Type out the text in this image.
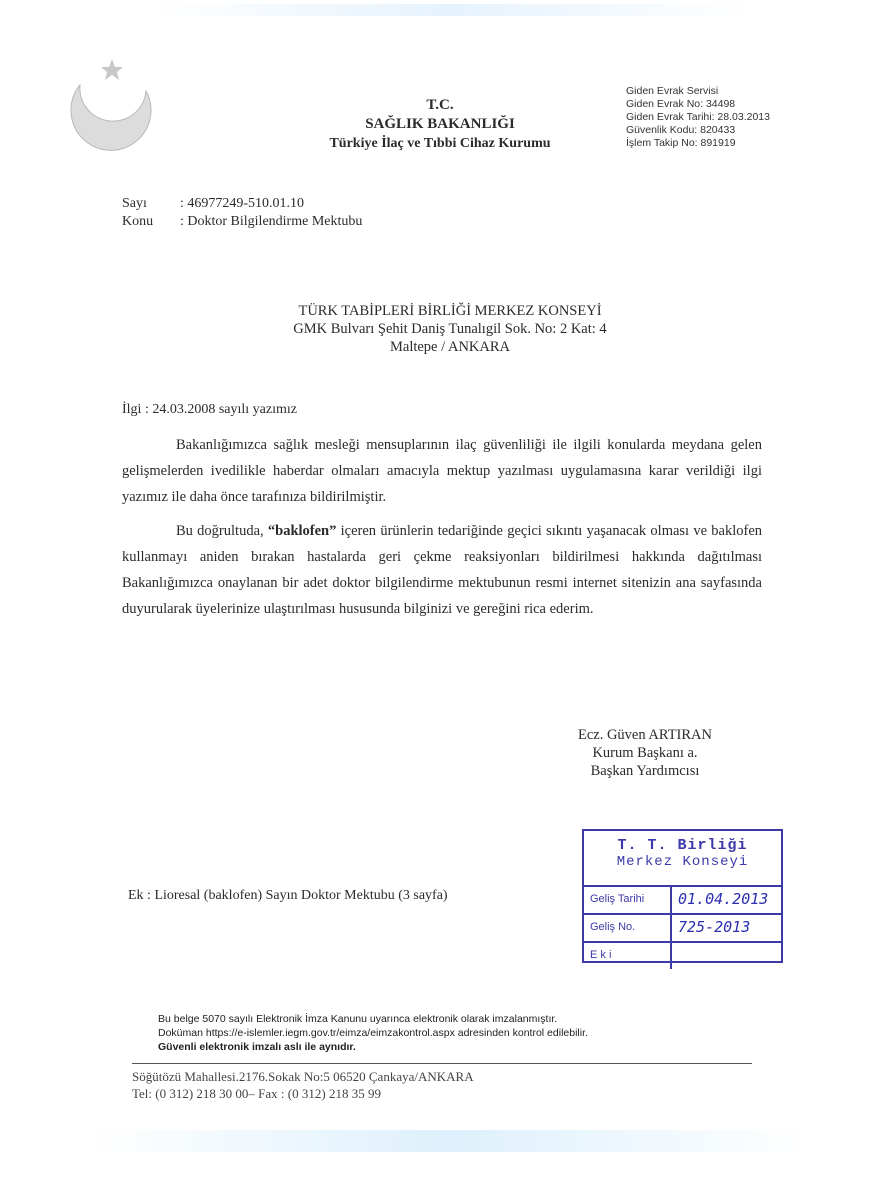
T.C.
SAĞLIK BAKANLIĞI
Türkiye İlaç ve Tıbbi Cihaz Kurumu
Giden Evrak Servisi
Giden Evrak No: 34498
Giden Evrak Tarihi: 28.03.2013
Güvenlik Kodu: 820433
İşlem Takip No: 891919
Sayı	: 46977249-510.01.10
Konu	: Doktor Bilgilendirme Mektubu
TÜRK TABİPLERİ BİRLİĞİ MERKEZ KONSEYİ
GMK Bulvarı Şehit Daniş Tunalıgil Sok. No: 2 Kat: 4
Maltepe / ANKARA
İlgi : 24.03.2008 sayılı yazımız

Bakanlığımızca sağlık mesleği mensuplarının ilaç güvenliliği ile ilgili konularda meydana gelen gelişmelerden ivedilikle haberdar olmaları amacıyla mektup yazılması uygulamasına karar verildiği ilgi yazımız ile daha önce tarafınıza bildirilmiştir.

Bu doğrultuda, “baklofen” içeren ürünlerin tedariğinde geçici sıkıntı yaşanacak olması ve baklofen kullanmayı aniden bırakan hastalarda geri çekme reaksiyonları bildirilmesi hakkında dağıtılması Bakanlığımızca onaylanan bir adet doktor bilgilendirme mektubunun resmi internet sitenizin ana sayfasında duyurularak üyelerinize ulaştırılması hususunda bilginizi ve gereğini rica ederim.

Ecz. Güven ARTIRAN
Kurum Başkanı a.
Başkan Yardımcısı
Ek : Lioresal (baklofen) Sayın Doktor Mektubu (3 sayfa)
T. T. Birliği
Merkez Konseyi
Geliş Tarihi	01.04.2013
Geliş No.	725-2013
E k i
Bu belge 5070 sayılı Elektronik İmza Kanunu uyarınca elektronik olarak imzalanmıştır.
Doküman https://e-islemler.iegm.gov.tr/eimza/eimzakontrol.aspx adresinden kontrol edilebilir.
Güvenli elektronik imzalı aslı ile aynıdır.
Söğütözü Mahallesi.2176.Sokak No:5 06520 Çankaya/ANKARA
Tel: (0 312) 218 30 00– Fax : (0 312) 218 35 99
